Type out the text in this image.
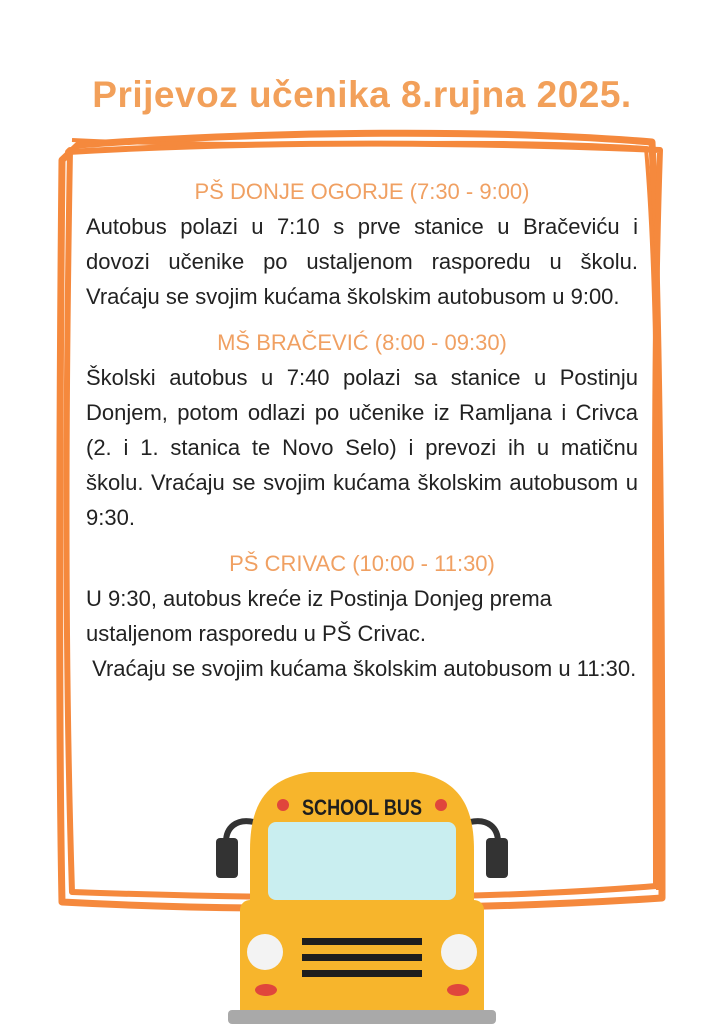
Prijevoz učenika 8.rujna 2025.

PŠ DONJE OGORJE (7:30 - 9:00)

Autobus polazi u 7:10 s prve stanice u Bračeviću i dovozi učenike po ustaljenom rasporedu u školu. Vraćaju se svojim kućama školskim autobusom u 9:00.

MŠ BRAČEVIĆ (8:00 - 09:30)

Školski autobus u 7:40 polazi sa stanice u Postinju Donjem, potom odlazi po učenike iz Ramljana i Crivca (2. i 1. stanica te Novo Selo) i prevozi ih u matičnu školu. Vraćaju se svojim kućama školskim autobusom u 9:30.

PŠ CRIVAC (10:00 - 11:30)

U 9:30, autobus kreće iz Postinja Donjeg prema ustaljenom rasporedu u PŠ Crivac.

Vraćaju se svojim kućama školskim autobusom u 11:30.

SCHOOL BUS
